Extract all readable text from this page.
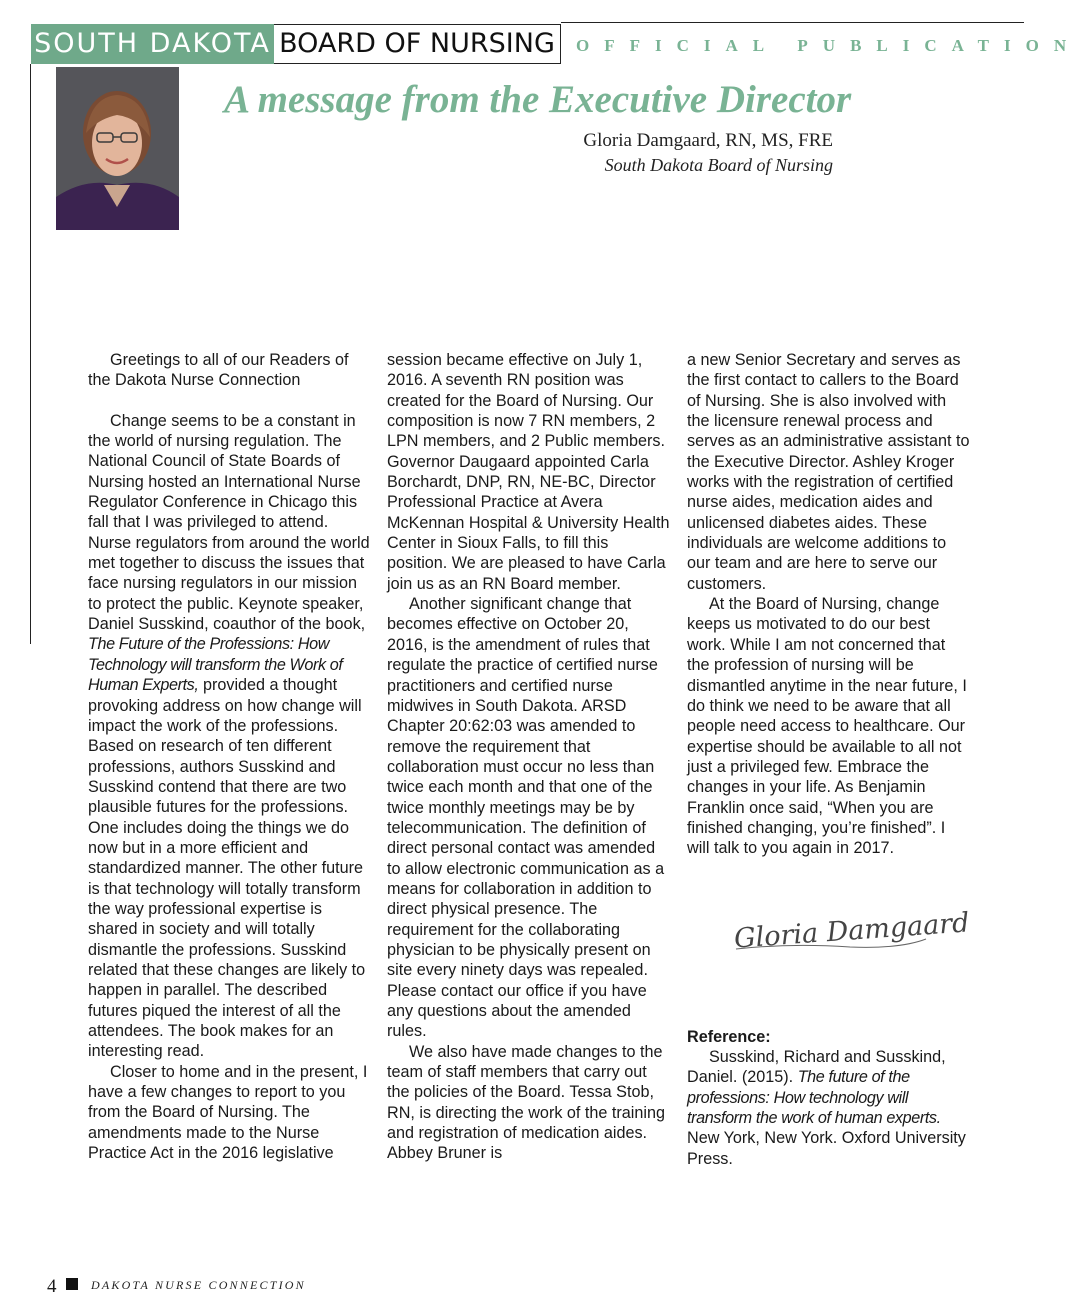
SOUTH DAKOTA BOARD OF NURSING	OFFICIAL PUBLICATION
A message from the Executive Director
Gloria Damgaard, RN, MS, FRE
South Dakota Board of Nursing

Greetings to all of our Readers of the Dakota Nurse Connection

Change seems to be a constant in the world of nursing regulation. The National Council of State Boards of Nursing hosted an International Nurse Regulator Conference in Chicago this fall that I was privileged to attend. Nurse regulators from around the world met together to discuss the issues that face nursing regulators in our mission to protect the public. Keynote speaker, Daniel Susskind, coauthor of the book, The Future of the Professions: How Technology will transform the Work of Human Experts, provided a thought provoking address on how change will impact the work of the professions. Based on research of ten different professions, authors Susskind and Susskind contend that there are two plausible futures for the professions. One includes doing the things we do now but in a more efficient and standardized manner. The other future is that technology will totally transform the way professional expertise is shared in society and will totally dismantle the professions. Susskind related that these changes are likely to happen in parallel. The described futures piqued the interest of all the attendees. The book makes for an interesting read.

Closer to home and in the present, I have a few changes to report to you from the Board of Nursing. The amendments made to the Nurse Practice Act in the 2016 legislative

session became effective on July 1, 2016. A seventh RN position was created for the Board of Nursing. Our composition is now 7 RN members, 2 LPN members, and 2 Public members. Governor Daugaard appointed Carla Borchardt, DNP, RN, NE-BC, Director Professional Practice at Avera McKennan Hospital & University Health Center in Sioux Falls, to fill this position. We are pleased to have Carla join us as an RN Board member.

Another significant change that becomes effective on October 20, 2016, is the amendment of rules that regulate the practice of certified nurse practitioners and certified nurse midwives in South Dakota. ARSD Chapter 20:62:03 was amended to remove the requirement that collaboration must occur no less than twice each month and that one of the twice monthly meetings may be by telecommunication. The definition of direct personal contact was amended to allow electronic communication as a means for collaboration in addition to direct physical presence. The requirement for the collaborating physician to be physically present on site every ninety days was repealed. Please contact our office if you have any questions about the amended rules.

We also have made changes to the team of staff members that carry out the policies of the Board. Tessa Stob, RN, is directing the work of the training and registration of medication aides. Abbey Bruner is

a new Senior Secretary and serves as the first contact to callers to the Board of Nursing. She is also involved with the licensure renewal process and serves as an administrative assistant to the Executive Director. Ashley Kroger works with the registration of certified nurse aides, medication aides and unlicensed diabetes aides. These individuals are welcome additions to our team and are here to serve our customers.

At the Board of Nursing, change keeps us motivated to do our best work. While I am not concerned that the profession of nursing will be dismantled anytime in the near future, I do think we need to be aware that all people need access to healthcare. Our expertise should be available to all not just a privileged few. Embrace the changes in your life. As Benjamin Franklin once said, “When you are finished changing, you’re finished”. I will talk to you again in 2017.

Reference:

Susskind, Richard and Susskind, Daniel. (2015). The future of the professions: How technology will transform the work of human experts. New York, New York. Oxford University Press.

Gloria Damgaard
4	DAKOTA NURSE CONNECTION
